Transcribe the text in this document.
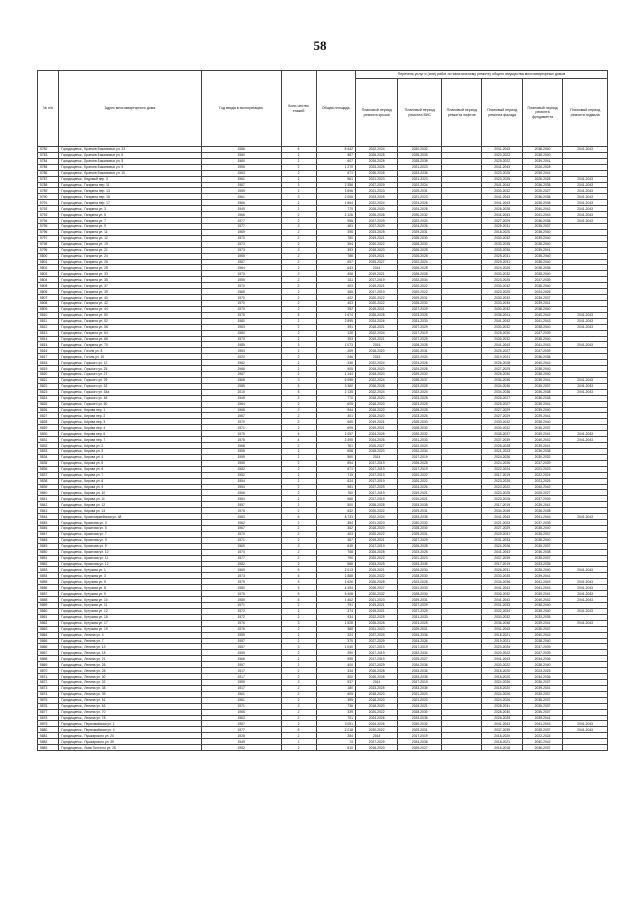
58
№ п/п	Адрес многоквартирного дома	Год ввода в эксплуатацию	Коли-чество этажей	Общая площадь	Перечень услуг и (или) работ по капитальному ремонту общего имущества многоквартирных домов					
					Плановый период ремонта крыши	Плановый период ремонта ВИС	Плановый период ремонта лифтов	Плановый период ремонта фасада	Плановый период ремонта фундамента	Плановый период ремонта подвала
5782	Городищенск., Братьев Бажановых ул. 33	1986	5	8 442	2022-2024	2030-2032		2041-2043	2038-2040	2041-2043
5783	Городищенск., Братьев Бажановых ул. 6	1960	2	587	2026-2028	2035-2035		2020-2022	2038-2040	
5784	Городищенск., Братьев Бажановых ул. 8	1960	2	607	2026-2028	2035-2035		2029-2022	2039-2041	
5785	Городищенск., Братьев Бажановых ул. 9	1955	2	1 270	2023-2026	2021-2023		2041-2043	2026-2028	
5786	Городищенск., Братьев Бажановых ул. 10	1963	2	671	2026-2028	2033-2035		2023-2025	2039-2041	
5787	Городищенск., Бедовый пер. 3	1961	2	561	2021-2023	2021-2023		2023-2025	2026-2028	2041-2043
5788	Городищенск., Гагарина пер. 11	1987	3	2 356	2027-2029	2022-2024		2041-2043	2036-2038	2041-2043
5789	Городищенск., Гагарина пер. 13	1959	2	1 696	2021-2023	2029-2031		2030-2032	2025-2027	2041-2043
5790	Городищенск., Гагарина пер. 15	1961	3	2 008	2023-2025	2021-2023		2041-2043	2036-2038	2041-2043
5791	Городищенск., Гагарина пер. 17	1966	2	1 664	2022-2024	2024-2026		2041-2043	2036-2038	2041-2043
5792	Городищенск., Гагарина ул. 3	1949	2	779	2028-2030	2024-2026		2026-2028	2040-2042	2041-2043
5793	Городищенск., Гагарина ул. 5	1966	2	2 126	2026-2028	2030-2032		2041-2043	2041-2043	2041-2043
5794	Городищенск., Гагарина ул. 7	1977	2	955	2027-2029	2022-2024		2027-2029	2036-2038	2041-2043
5795	Городищенск., Гагарина ул. 9	1977	2	481	2027-2029	2024-2026		2029-2031	2035-2037	
5796	Городищенск., Гагарина ул. 11	1969	2	395	2023-2025	2029-2031		2018-2020	2038-2040	
5797	Городищенск., Гагарина ул. 12	1970	2	780	2019-2021	2028-2030		2030-2032	2039-2040	
5798	Городищенск., Гагарина ул. 19	1973	2	394	2020-2022	2028-2030		2033-2035	2038-2040	
5799	Городищенск., Гагарина ул. 21	1973	2	393	2018-2020	2026-2028		2033-2035	2039-2041	
5800	Городищенск., Гагарина ул. 24	1969	2	786	2019-2021	2026-2028		2029-2031	2038-2040	
5801	Городищенск., Гагарина ул. 26	1967	2	657	2025-2027	2022-2024		2029-2031	2038-2040	
5802	Городищенск., Гагарина ул. 28	1964	2	643	2014	2026-2028		2024-2026	2038-2038	
5803	Городищенск., Гагарина ул. 33	1970	2	406	2019-2021	2026-2028		2030-2032	2038-2040	
5804	Городищенск., Гагарина ул. 35	1955	2	311	2017-2019	2032-2034		2023-2025	2037-2039	
5805	Городищенск., Гагарина ул. 37	1970	2	403	2019-2021	2020-2022		2030-2032	2038-2040	
5806	Городищенск., Гагарина ул. 39	1965	2	465	2017-2019	2020-2022		2023-2025	2024-2026	
5807	Городищенск., Гагарина ул. 40	1970	2	402	2020-2022	2029-2031		2030-2032	2035-2037	
5808	Городищенск., Гагарина ул. 42	1970	2	403	2020-2022	2028-2030		2033-2035	2039-2041	
5809	Городищенск., Гагарина ул. 44	1970	2	392	2019-2021	2027-2029		2030-2032	2038-2040	
5810	Городищенск., Гагарина ул. 50	1978	5	1 674	2026-2028	2023-2025		2038-2041	2040-2042	2041-2043
5811	Городищенск., Гагарина ул. 52	1980	2	2 895	2024-2026	2031-2033		2041-2043	2041-2043	2041-2043
5812	Городищенск., Гагарина ул. 56	1963	2	391	2018-2021	2027-2029		2030-2032	2038-2040	2041-2043
5813	Городищенск., Гагарина ул. 64	1960	2	126	2022-2024	2017-2019		2028-2030	2037-2039	
5814	Городищенск., Гагарина ул. 66	1970	2	393	2019-2021	2027-2029		2030-2032	2038-2040	
5815	Городищенск., Гагарина ул. 70	1985	3	1 073	2015	2028-2028		2041-2043	2041-2043	2041-2043
5816	Городищенск., Гоголя ул. 8	1963	2	259	2018-2020	2020-2031		2025-2027	2037-2039	
5817	Городищенск., Гоголя ул. 10	1920	2	246	2015	2022-2024		2019-2021	2036-2038	
5818	Городищенск., Горького ул. 12	1962	2	336	2022-2024	2024-2026		2026-2028	2040-2042	
5819	Городищенск., Горького ул. 25	1966	2	909	2018-2020	2024-2026		2027-2029	2038-2040	
5820	Городищенск., Горького ул. 27	1967	2	1 144	2018-2020	2029-2030		2028-2030	2038-2040	
5821	Городищенск., Горького ул. 29	1968	3	6 058	2022-2024	2035-2037		2034-2036	2039-2041	2041-2043
5822	Городищенск., Горького ул. 33	1989	5	3 360	2026-2028	2023-2025		2034-2036	2035-2037	2041-2043
5823	Городищенск., Горького ул. 34а	2010	5	2 135	2022-2024	2022-2024		2034-2036	2036-2038	2041-2043
5824	Городищенск., Горького ул. 48	1949	2	770	2018-2020	2023-2025		2025-2027	2036-2038	
5825	Городищенск., Горького ул. 50	1964	2	605	2018-2020	2023-2025		2025-2027	2039-2041	
5826	Городищенск., Кирова пер. 1	1968	2	544	2018-2020	2026-2028		2027-2029	2039-2040	
5827	Городищенск., Кирова пер. 2	1967	2	401	2018-2020	2023-2025		2027-2029	2039-2041	
5828	Городищенск., Кирова пер. 3	1970	2	669	2019-2021	2028-2030		2030-2032	2038-2040	
5829	Городищенск., Кирова пер. 4	1971	2	699	2019-2021	2028-2030		2030-2032	2035-2037	
5830	Городищенск., Кирова пер. 6	1975	4	2 057	2024-2026	2030-2032		2035-2037	2039-2041	2041-2043
5831	Городищенск., Кирова пер. 7	1978	4	2 495	2024-2026	2031-2033		2037-2039	2040-2042	2041-2043
5832	Городищенск., Кирова ул. 2	1968	2	781	2025-2027	2022-2024		2026-2028	2039-2041	
5833	Городищенск., Кирова ул. 3	1958	2	698	2018-2020	2032-2034		2021-2023	2036-2038	
5834	Городищенск., Кирова ул. 4	1959	2	560	2014	2017-2019		2024-2026	2030-2032	
5835	Городищенск., Кирова ул. 5	1955	2	694	2017-2019	2026-2028		2024-2026	2037-2039	
5836	Городищенск., Кирова ул. 6	1952	2	671	2017-2019	2017-2019		2022-2024	2021-2023	
5837	Городищенск., Кирова ул. 7	1952	2	719	2017-2019	2020-2022		2017-2019	2022-2024	
5838	Городищенск., Кирова ул. 8	1954	2	624	2017-2019	2020-2022		2023-2025	2023-2025	
5839	Городищенск., Кирова ул. 9	1954	2	981	2027-2029	2024-2026		2020-2022	2040-2042	
5840	Городищенск., Кирова ул. 10	1956	2	760	2017-2019	2019-2021		2023-2025	2025-2027	
5841	Городищенск., Кирова ул. 11	1954	2	666	2017-2019	2019-2021		2023-2025	2037-2039	
5842	Городищенск., Кирова ул. 12	1957	2	500	2026-2028	2033-2035		2017-2019	2039-2041	
5843	Городищенск., Кирова ул. 13	1975	2	632	2020-2022	2029-2031		2034-2036	2036-2038	
5844	Городищенск., Красноармейская ул. 48	1983	5	8 733	2022-2024	2033-2035		2041-2043	2041-2043	2041-2043
5845	Городищенск., Краснова ул. 3	1962	2	384	2021-2023	2030-2032		2021-2023	2037-2039	
5846	Городищенск., Краснова ул. 5	1967	2	362	2018-2020	2028-2030		2027-2029	2038-2040	
5847	Городищенск., Краснова ул. 7	1970	2	403	2020-2022	2029-2031		2029-2031	2035-2037	
5848	Городищенск., Краснова ул. 9	1971	2	367	2019-2021	2027-2029		2031-2033	2038-2040	
5849	Городищенск., Краснова ул. 9	1960	2	649	2017-2019	2026-2028		2024-2026	2035-2037	
5850	Городищенск., Краснова ул. 10	1974	2	768	2026-2028	2023-2025		2041-2043	2036-2038	
5851	Городищенск., Краснова ул. 11	1977	2	790	2020-2022	2021-2023		2037-2039	2035-2037	
5852	Городищенск., Краснова ул. 12	1982	2	588	2023-2025	2033-2035		2017-2019	2033-2035	
5853	Городищенск., Кутузова ул. 1	1969	5	2 013	2019-2021	2026-2030		2026-2031	2038-2040	2041-2043
5854	Городищенск., Кутузова ул. 3	1973	5	1 888	2020-2022	2028-2030		2033-2035	2039-2041	
5855	Городищенск., Кутузова ул. 5	1979	5	1 626	2026-2028	2023-2025		2034-2036	2041-2043	2041-2043
5856	Городищенск., Кутузова ул. 8	1980	5	4 494	2026-2027	2031-2033		2041-2043	2041-2043	2041-2043
5857	Городищенск., Кутузова ул. 9	1975	5	5 408	2030-2032	2028-2030		2030-2032	2039-2041	2041-2043
5858	Городищенск., Кутузова ул. 10	1985	5	1 462	2021-2023	2029-2031		2041-2043	2040-2042	2041-2043
5859	Городищенск., Кутузова ул. 11	1971	2	791	2019-2021	2027-2029		2031-2033	2038-2040	
5860	Городищенск., Кутузова ул. 12	1972	2	374	2019-2021	2027-2029		2032-2034	2038-2040	2041-2043
5861	Городищенск., Кутузова ул. 15	1972	2	934	2022-2025	2031-2033		2030-2032	2033-2035	
5862	Городищенск., Кутузова ул. 17	1976	3	1 528	2026-2028	2023-2025		2036-2038	2039-2041	2041-2043
5863	Городищенск., Кутузова ул. 19	1976	2	385	2021-2023	2029-2031		2041-2043	2035-2037	
5864	Городищенск., Ленина ул. 4	1959	2	324	2027-2029	2034-2036		2018-2021	2040-2042	
5865	Городищенск., Ленина ул. 7	1957	2	370	2027-2029	2024-2026		2019-2021	2038-2040	
5866	Городищенск., Ленина ул. 13	1957	3	1 040	2017-2019	2017-2019		2023-2025	2037-2039	
5867	Городищенск., Ленина ул. 18	1959	2	290	2017-2019	2032-2034		2020-2022	2037-2039	
5868	Городищенск., Ленина ул. 21	1966	2	595	2017-2019	2025-2027		2041-2043	2034-2036	
5869	Городищенск., Ленина ул. 26	1957	2	400	2027-2029	2034-2036		2020-2022	2038-2040	
5870	Городищенск., Ленина ул. 28	1917	2	334	2026-2028	2033-2035		2018-2020	2023-2025	
5871	Городищенск., Ленина ул. 30	1917	2	300	2026-2028	2033-2035		2018-2020	2034-2036	
5872	Городищенск., Ленина ул. 32	1959	2	537	2014	2017-2019		2024-2026	2036-2037	
5873	Городищенск., Ленина ул. 38	1917	2	180	2023-2025	2033-2035		2018-2020	2039-2041	
5874	Городищенск., Ленина ул. 39	1961	2	605	2018-2020	2021-2023		2024-2026	2035-2037	
5875	Городищенск., Ленина ул. 51	1961	2	395	2018-2020	2021-2023		2024-2026	2035-2037	
5876	Городищенск., Ленина ул. 63	1971	2	736	2018-2020	2019-2021		2028-2031	2035-2037	
5877	Городищенск., Ленина ул. 70	1965	2	339	2020-2022	2028-2030		2028-2030	2035-2037	
5878	Городищенск., Ленина ул. 78	1963	2	701	2024-2026	2033-2035		2026-2028	2039-2041	
5879	Городищенск., Первомайская ул. 1	1957	2	3 051	2024-2026	2030-2032		2041-2043	2041-2043	2041-2043
5880	Городищенск., Первомайская ул. 4	1977	5	2 018	2020-2022	2029-2031		2037-2039	2035-2037	2041-2043
5881	Городищенск., Пушкарского ул. 20	1928	2	284	2014	2017-2019		2018-2020	2022-2024	
5882	Городищенск., Пушкарского ул. 35	1949	1	74	2027-2029	2034-2036		2018-2021	2040-2042	
5883	Городищенск., Льва Толстого ул. 26	1952	2	610	2018-2020	2025-2027		2016-2018	2036-2037	
